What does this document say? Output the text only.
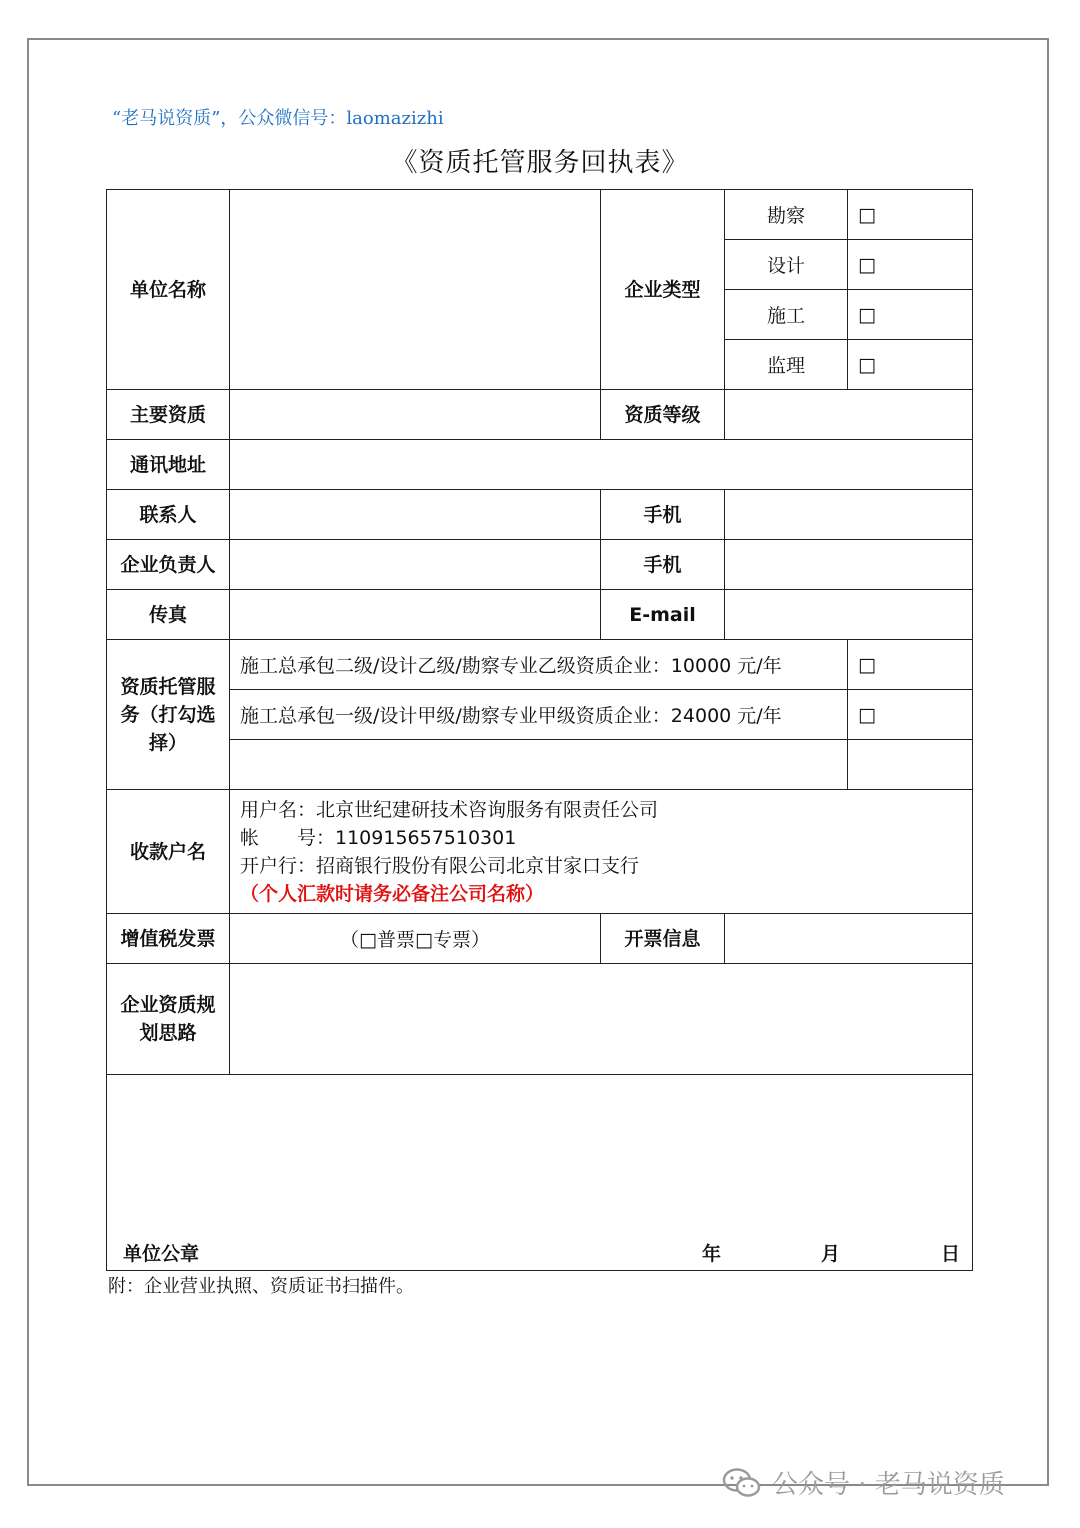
“老马说资质”，公众微信号：laomazizhi
《资质托管服务回执表》
单位名称		企业类型	勘察	□
			设计	□
			施工	□
			监理	□
主要资质		资质等级		
通讯地址				
联系人		手机		
企业负责人		手机		
传真		E-mail		
资质托管服务（打勾选择）	施工总承包二级/设计乙级/勘察专业乙级资质企业：10000 元/年			□
	施工总承包一级/设计甲级/勘察专业甲级资质企业：24000 元/年			□

收款户名	用户名：北京世纪建研技术咨询服务有限责任公司
帐　　号：110915657510301
开户行：招商银行股份有限公司北京甘家口支行
（个人汇款时请务必备注公司名称）			

增值税发票	（□普票□专票）	开票信息		
企业资质规划思路				

单位公章 年 月 日				
附：企业营业执照、资质证书扫描件。
公众号 · 老马说资质
